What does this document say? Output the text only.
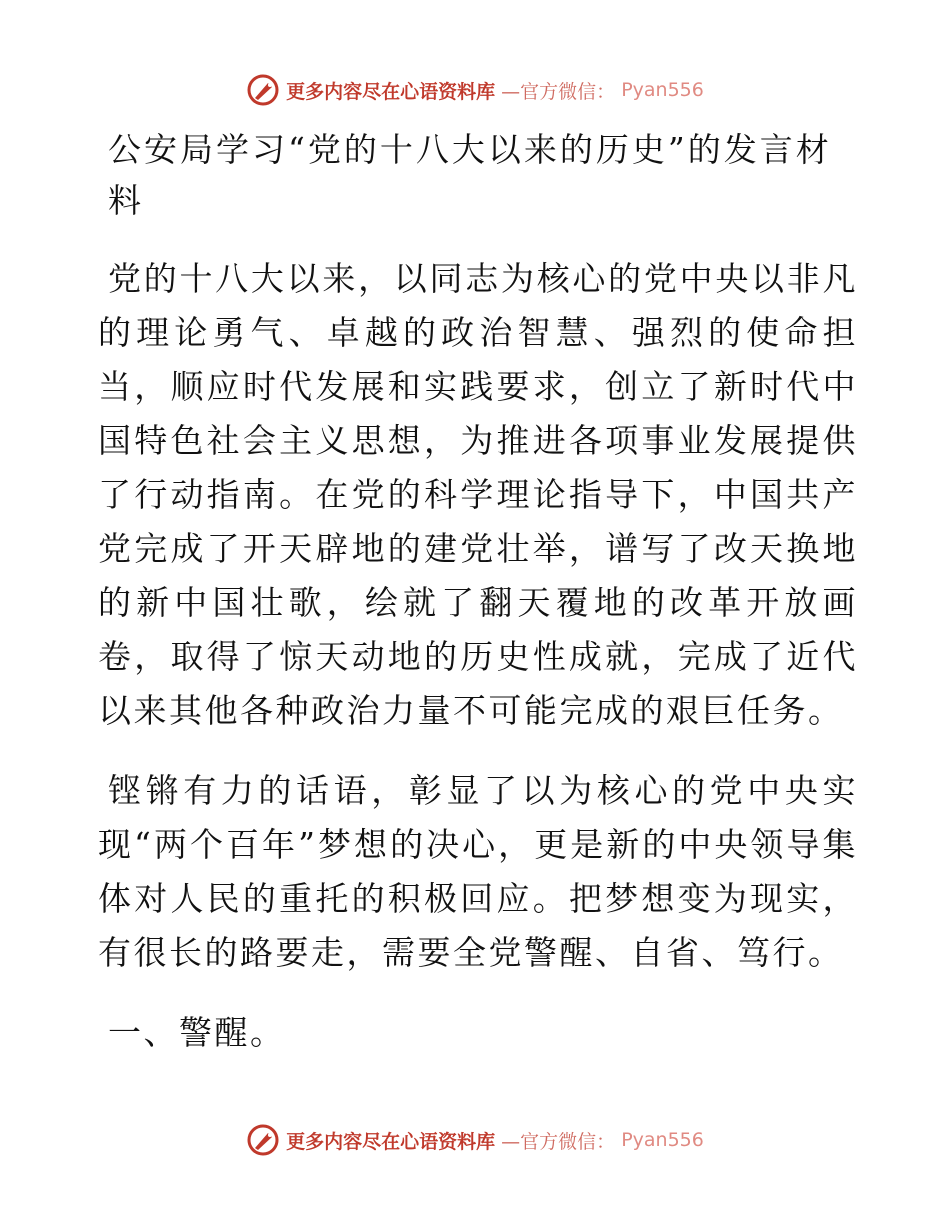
更多内容尽在心语资料库 —官方微信： Pyan556
公安局学习“党的十八大以来的历史”的发言材料

党的十八大以来，以同志为核心的党中央以非凡的理论勇气、卓越的政治智慧、强烈的使命担当，顺应时代发展和实践要求，创立了新时代中国特色社会主义思想，为推进各项事业发展提供了行动指南。在党的科学理论指导下，中国共产党完成了开天辟地的建党壮举，谱写了改天换地的新中国壮歌，绘就了翻天覆地的改革开放画卷，取得了惊天动地的历史性成就，完成了近代以来其他各种政治力量不可能完成的艰巨任务。

铿锵有力的话语，彰显了以为核心的党中央实现“两个百年”梦想的决心，更是新的中央领导集体对人民的重托的积极回应。把梦想变为现实，有很长的路要走，需要全党警醒、自省、笃行。

一、警醒。

更多内容尽在心语资料库 —官方微信： Pyan556
